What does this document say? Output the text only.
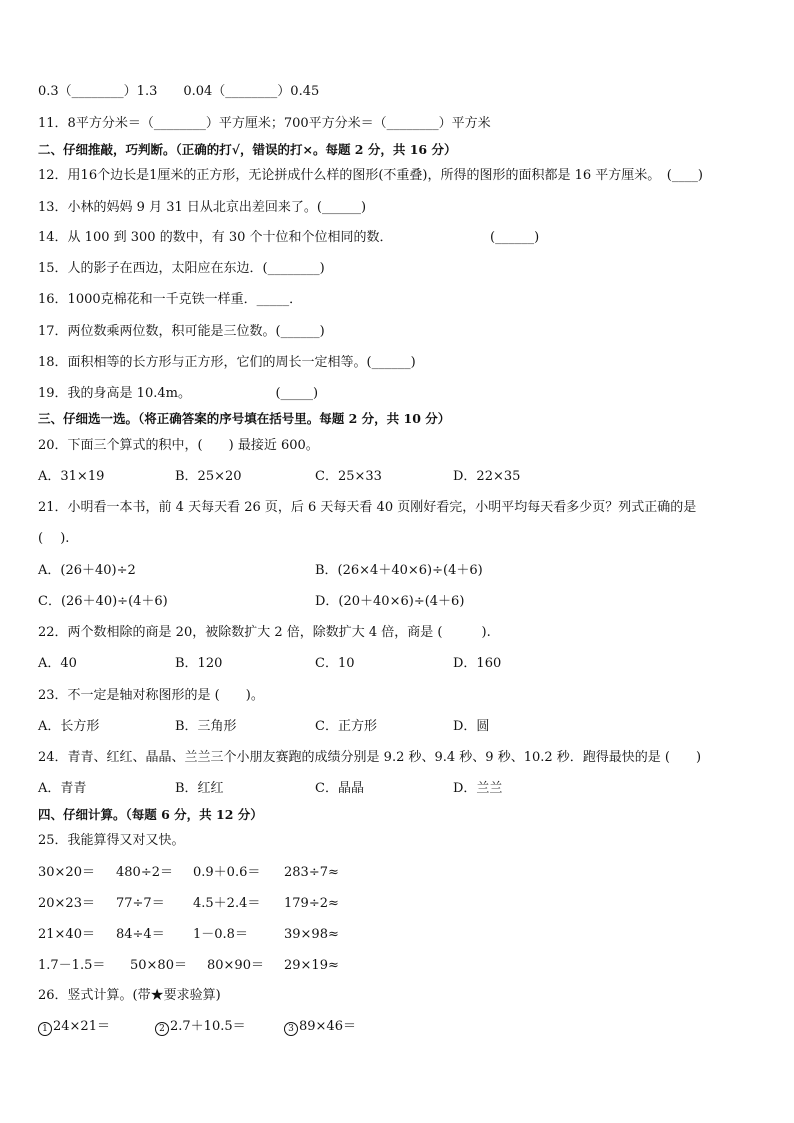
0.3（________）1.3　　0.04（________）0.45
11．8平方分米＝（________）平方厘米；700平方分米＝（________）平方米
二、仔细推敲，巧判断。（正确的打√，错误的打×。每题 2 分，共 16 分）
12．用16个边长是1厘米的正方形，无论拼成什么样的图形(不重叠)，所得的图形的面积都是 16 平方厘米。　(____)
13．小林的妈妈 9 月 31 日从北京出差回来了。(______)
14．从 100 到 300 的数中，有 30 个十位和个位相同的数．　　　　　　　　(______)
15．人的影子在西边，太阳应在东边．(________)
16．1000克棉花和一千克铁一样重．_____．
17．两位数乘两位数，积可能是三位数。(______)
18．面积相等的长方形与正方形，它们的周长一定相等。(______)
19．我的身高是 10.4m。　　　　　　　(_____)
三、仔细选一选。（将正确答案的序号填在括号里。每题 2 分，共 10 分）
20．下面三个算式的积中，(　　) 最接近 600。
A．31×19	B．25×20	C．25×33	D．22×35
21．小明看一本书，前 4 天每天看 26 页，后 6 天每天看 40 页刚好看完，小明平均每天看多少页？列式正确的是
(　 ).
A．(26＋40)÷2	B．(26×4＋40×6)÷(4＋6)
C．(26＋40)÷(4＋6)	D．(20＋40×6)÷(4＋6)
22．两个数相除的商是 20，被除数扩大 2 倍，除数扩大 4 倍，商是 (　　　).
A．40	B．120	C．10	D．160
23．不一定是轴对称图形的是 (　　)。
A．长方形	B．三角形	C．正方形	D．圆
24．青青、红红、晶晶、兰兰三个小朋友赛跑的成绩分别是 9.2 秒、9.4 秒、9 秒、10.2 秒．跑得最快的是 (　　)
A．青青	B．红红	C．晶晶	D．兰兰
四、仔细计算。（每题 6 分，共 12 分）
25．我能算得又对又快。
30×20＝ 480÷2＝ 0.9＋0.6＝ 283÷7≈
20×23＝ 77÷7＝ 4.5＋2.4＝ 179÷2≈
21×40＝ 84÷4＝ 1－0.8＝	39×98≈
1.7－1.5＝ 50×80＝ 80×90＝ 29×19≈
26．竖式计算。(带★要求验算)
1 24×21＝	2 2.7＋10.5＝	3 89×46＝
